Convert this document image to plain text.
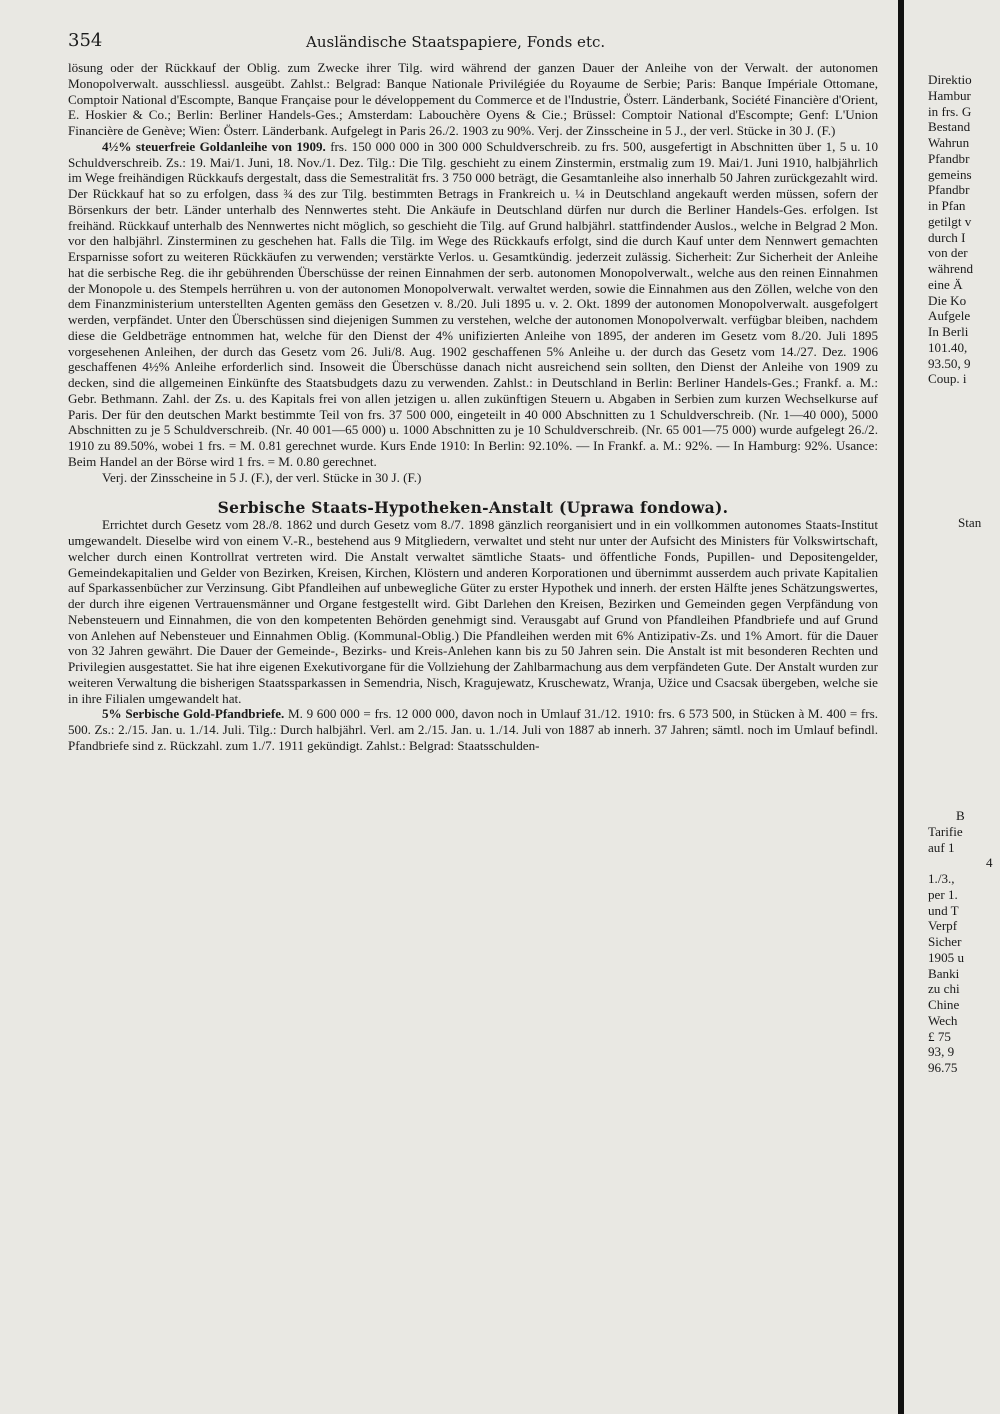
354	Ausländische Staatspapiere, Fonds etc.

lösung oder der Rückkauf der Oblig. zum Zwecke ihrer Tilg. wird während der ganzen Dauer der Anleihe von der Verwalt. der autonomen Monopolverwalt. ausschliessl. ausgeübt. Zahlst.: Belgrad: Banque Nationale Privilégiée du Royaume de Serbie; Paris: Banque Impériale Ottomane, Comptoir National d'Escompte, Banque Française pour le développement du Commerce et de l'Industrie, Österr. Länderbank, Société Financière d'Orient, E. Hoskier & Co.; Berlin: Berliner Handels-Ges.; Amsterdam: Labouchère Oyens & Cie.; Brüssel: Comptoir National d'Escompte; Genf: L'Union Financière de Genève; Wien: Österr. Länderbank. Aufgelegt in Paris 26./2. 1903 zu 90%. Verj. der Zinsscheine in 5 J., der verl. Stücke in 30 J. (F.)

4½% steuerfreie Goldanleihe von 1909. frs. 150 000 000 in 300 000 Schuldverschreib. zu frs. 500, ausgefertigt in Abschnitten über 1, 5 u. 10 Schuldverschreib. Zs.: 19. Mai/1. Juni, 18. Nov./1. Dez. Tilg.: Die Tilg. geschieht zu einem Zinstermin, erstmalig zum 19. Mai/1. Juni 1910, halbjährlich im Wege freihändigen Rückkaufs dergestalt, dass die Semestralität frs. 3 750 000 beträgt, die Gesamtanleihe also innerhalb 50 Jahren zurückgezahlt wird. Der Rückkauf hat so zu erfolgen, dass ¾ des zur Tilg. bestimmten Betrags in Frankreich u. ¼ in Deutschland angekauft werden müssen, sofern der Börsenkurs der betr. Länder unterhalb des Nennwertes steht. Die Ankäufe in Deutschland dürfen nur durch die Berliner Handels-Ges. erfolgen. Ist freihänd. Rückkauf unterhalb des Nennwertes nicht möglich, so geschieht die Tilg. auf Grund halbjährl. stattfindender Auslos., welche in Belgrad 2 Mon. vor den halbjährl. Zinsterminen zu geschehen hat. Falls die Tilg. im Wege des Rückkaufs erfolgt, sind die durch Kauf unter dem Nennwert gemachten Ersparnisse sofort zu weiteren Rückkäufen zu verwenden; verstärkte Verlos. u. Gesamtkündig. jederzeit zulässig. Sicherheit: Zur Sicherheit der Anleihe hat die serbische Reg. die ihr gebührenden Überschüsse der reinen Einnahmen der serb. autonomen Monopolverwalt., welche aus den reinen Einnahmen der Monopole u. des Stempels herrühren u. von der autonomen Monopolverwalt. verwaltet werden, sowie die Einnahmen aus den Zöllen, welche von den dem Finanzministerium unterstellten Agenten gemäss den Gesetzen v. 8./20. Juli 1895 u. v. 2. Okt. 1899 der autonomen Monopolverwalt. ausgefolgert werden, verpfändet. Unter den Überschüssen sind diejenigen Summen zu verstehen, welche der autonomen Monopolverwalt. verfügbar bleiben, nachdem diese die Geldbeträge entnommen hat, welche für den Dienst der 4% unifizierten Anleihe von 1895, der anderen im Gesetz vom 8./20. Juli 1895 vorgesehenen Anleihen, der durch das Gesetz vom 26. Juli/8. Aug. 1902 geschaffenen 5% Anleihe u. der durch das Gesetz vom 14./27. Dez. 1906 geschaffenen 4½% Anleihe erforderlich sind. Insoweit die Überschüsse danach nicht ausreichend sein sollten, den Dienst der Anleihe von 1909 zu decken, sind die allgemeinen Einkünfte des Staatsbudgets dazu zu verwenden. Zahlst.: in Deutschland in Berlin: Berliner Handels-Ges.; Frankf. a. M.: Gebr. Bethmann. Zahl. der Zs. u. des Kapitals frei von allen jetzigen u. allen zukünftigen Steuern u. Abgaben in Serbien zum kurzen Wechselkurse auf Paris. Der für den deutschen Markt bestimmte Teil von frs. 37 500 000, eingeteilt in 40 000 Abschnitten zu 1 Schuldverschreib. (Nr. 1—40 000), 5000 Abschnitten zu je 5 Schuldverschreib. (Nr. 40 001—65 000) u. 1000 Abschnitten zu je 10 Schuldverschreib. (Nr. 65 001—75 000) wurde aufgelegt 26./2. 1910 zu 89.50%, wobei 1 frs. = M. 0.81 gerechnet wurde. Kurs Ende 1910: In Berlin: 92.10%. — In Frankf. a. M.: 92%. — In Hamburg: 92%. Usance: Beim Handel an der Börse wird 1 frs. = M. 0.80 gerechnet.

Verj. der Zinsscheine in 5 J. (F.), der verl. Stücke in 30 J. (F.)

Serbische Staats-Hypotheken-Anstalt (Uprawa fondowa).

Errichtet durch Gesetz vom 28./8. 1862 und durch Gesetz vom 8./7. 1898 gänzlich reorganisiert und in ein vollkommen autonomes Staats-Institut umgewandelt. Dieselbe wird von einem V.-R., bestehend aus 9 Mitgliedern, verwaltet und steht nur unter der Aufsicht des Ministers für Volkswirtschaft, welcher durch einen Kontrollrat vertreten wird. Die Anstalt verwaltet sämtliche Staats- und öffentliche Fonds, Pupillen- und Depositengelder, Gemeindekapitalien und Gelder von Bezirken, Kreisen, Kirchen, Klöstern und anderen Korporationen und übernimmt ausserdem auch private Kapitalien auf Sparkassenbücher zur Verzinsung. Gibt Pfandleihen auf unbewegliche Güter zu erster Hypothek und innerh. der ersten Hälfte jenes Schätzungswertes, der durch ihre eigenen Vertrauensmänner und Organe festgestellt wird. Gibt Darlehen den Kreisen, Bezirken und Gemeinden gegen Verpfändung von Nebensteuern und Einnahmen, die von den kompetenten Behörden genehmigt sind. Verausgabt auf Grund von Pfandleihen Pfandbriefe und auf Grund von Anlehen auf Nebensteuer und Einnahmen Oblig. (Kommunal-Oblig.) Die Pfandleihen werden mit 6% Antizipativ-Zs. und 1% Amort. für die Dauer von 32 Jahren gewährt. Die Dauer der Gemeinde-, Bezirks- und Kreis-Anlehen kann bis zu 50 Jahren sein. Die Anstalt ist mit besonderen Rechten und Privilegien ausgestattet. Sie hat ihre eigenen Exekutivorgane für die Vollziehung der Zahlbarmachung aus dem verpfändeten Gute. Der Anstalt wurden zur weiteren Verwaltung die bisherigen Staatssparkassen in Semendria, Nisch, Kragujewatz, Kruschewatz, Wranja, Užice und Csacsak übergeben, welche sie in ihre Filialen umgewandelt hat.

5% Serbische Gold-Pfandbriefe. M. 9 600 000 = frs. 12 000 000, davon noch in Umlauf 31./12. 1910: frs. 6 573 500, in Stücken à M. 400 = frs. 500. Zs.: 2./15. Jan. u. 1./14. Juli. Tilg.: Durch halbjährl. Verl. am 2./15. Jan. u. 1./14. Juli von 1887 ab innerh. 37 Jahren; sämtl. noch im Umlauf befindl. Pfandbriefe sind z. Rückzahl. zum 1./7. 1911 gekündigt. Zahlst.: Belgrad: Staatsschulden-

Direktio
Hambur
in frs. G
Bestand
Wahrun
Pfandbr
gemeins
Pfandbr
in Pfan
getilgt v
durch I
von der
während
eine Ä
Die Ko
Aufgele
In Berli
101.40,
93.50, 9
Coup. i
Stan
B
Tarifie
auf 1
4
1./3.,
per 1.
und T
Verpf
Sicher
1905 u
Banki
zu chi
Chine
Wech
£ 75
93, 9
96.75
